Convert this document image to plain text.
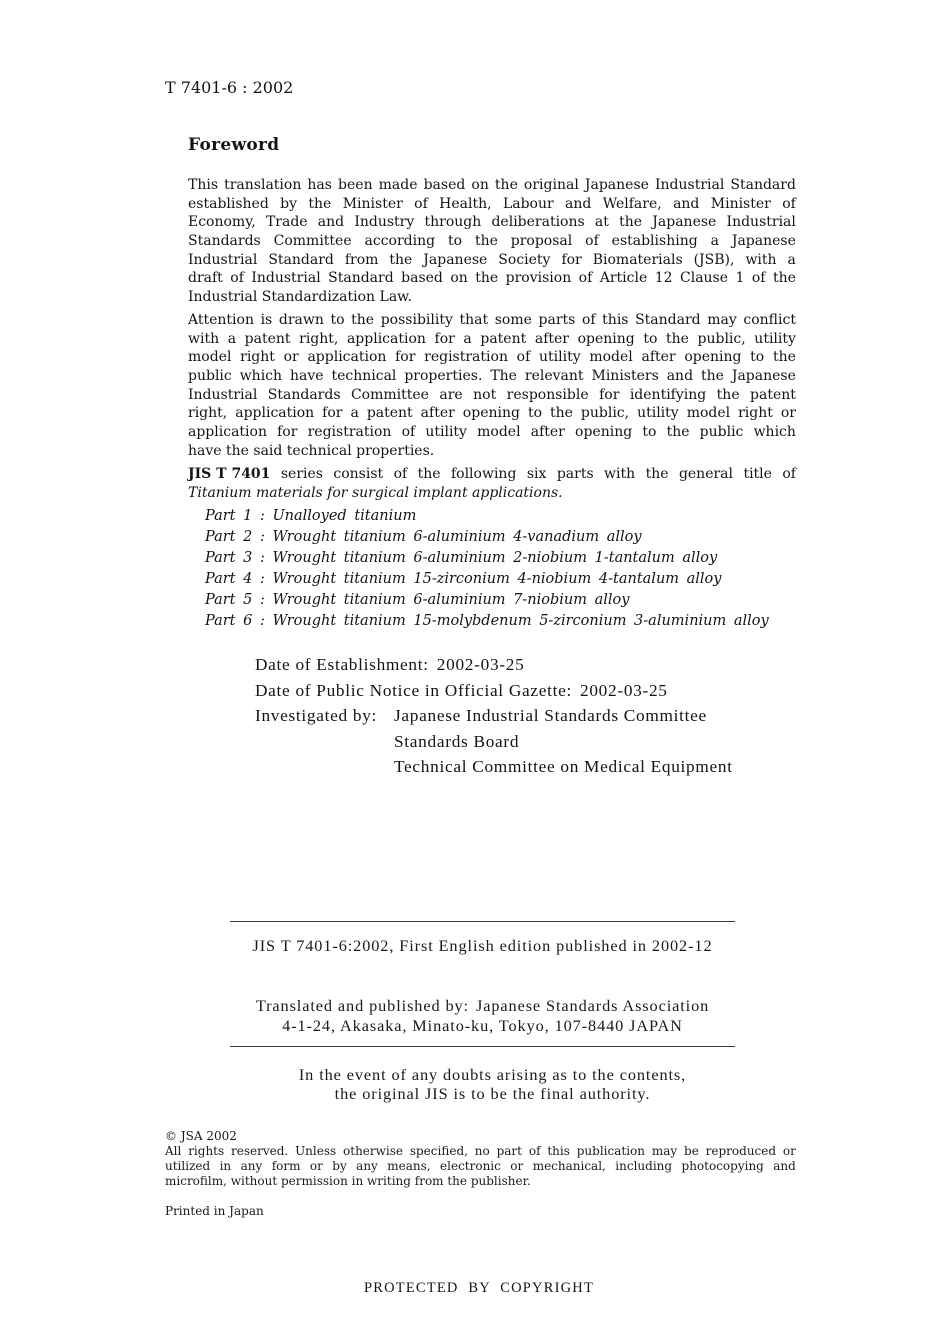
T 7401-6 : 2002
Foreword
This translation has been made based on the original Japanese Industrial Standard
established by the Minister of Health, Labour and Welfare, and Minister of
Economy, Trade and Industry through deliberations at the Japanese Industrial
Standards Committee according to the proposal of establishing a Japanese
Industrial Standard from the Japanese Society for Biomaterials (JSB), with a
draft of Industrial Standard based on the provision of Article 12 Clause 1 of the
Industrial Standardization Law.
Attention is drawn to the possibility that some parts of this Standard may conflict
with a patent right, application for a patent after opening to the public, utility
model right or application for registration of utility model after opening to the
public which have technical properties. The relevant Ministers and the Japanese
Industrial Standards Committee are not responsible for identifying the patent
right, application for a patent after opening to the public, utility model right or
application for registration of utility model after opening to the public which
have the said technical properties.
JIS T 7401 series consist of the following six parts with the general title of
Titanium materials for surgical implant applications.
Part 1 : Unalloyed titanium
Part 2 : Wrought titanium 6-aluminium 4-vanadium alloy
Part 3 : Wrought titanium 6-aluminium 2-niobium 1-tantalum alloy
Part 4 : Wrought titanium 15-zirconium 4-niobium 4-tantalum alloy
Part 5 : Wrought titanium 6-aluminium 7-niobium alloy
Part 6 : Wrought titanium 15-molybdenum 5-zirconium 3-aluminium alloy
Date of Establishment: 2002-03-25
Date of Public Notice in Official Gazette: 2002-03-25
Investigated by: Japanese Industrial Standards Committee
Standards Board
Technical Committee on Medical Equipment
JIS T 7401-6:2002, First English edition published in 2002-12
Translated and published by: Japanese Standards Association
4-1-24, Akasaka, Minato-ku, Tokyo, 107-8440 JAPAN
In the event of any doubts arising as to the contents,
the original JIS is to be the final authority.
© JSA 2002
All rights reserved. Unless otherwise specified, no part of this publication may be reproduced or
utilized in any form or by any means, electronic or mechanical, including photocopying and
microfilm, without permission in writing from the publisher.
Printed in Japan
PROTECTED BY COPYRIGHT
